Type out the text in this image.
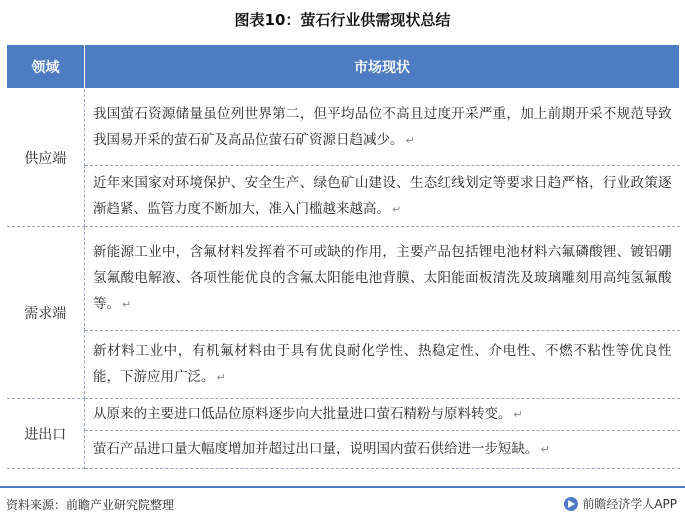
图表10：萤石行业供需现状总结
领域	市场现状
供应端	我国萤石资源储量虽位列世界第二，但平均品位不高且过度开采严重，加上前期开采不规范导致我国易开采的萤石矿及高品位萤石矿资源日趋减少。 ↵
	近年来国家对环境保护、安全生产、绿色矿山建设、生态红线划定等要求日趋严格，行业政策逐渐趋紧、监管力度不断加大，准入门槛越来越高。 ↵
需求端	新能源工业中，含氟材料发挥着不可或缺的作用，主要产品包括锂电池材料六氟磷酸锂、镀铝硼氢氟酸电解液、各项性能优良的含氟太阳能电池背膜、太阳能面板清洗及玻璃雕刻用高纯氢氟酸等。 ↵
	新材料工业中，有机氟材料由于具有优良耐化学性、热稳定性、介电性、不燃不粘性等优良性能，下游应用广泛。 ↵
进出口	从原来的主要进口低品位原料逐步向大批量进口萤石精粉与原料转变。 ↵
	萤石产品进口量大幅度增加并超过出口量，说明国内萤石供给进一步短缺。 ↵
资料来源：前瞻产业研究院整理	前瞻经济学人APP
